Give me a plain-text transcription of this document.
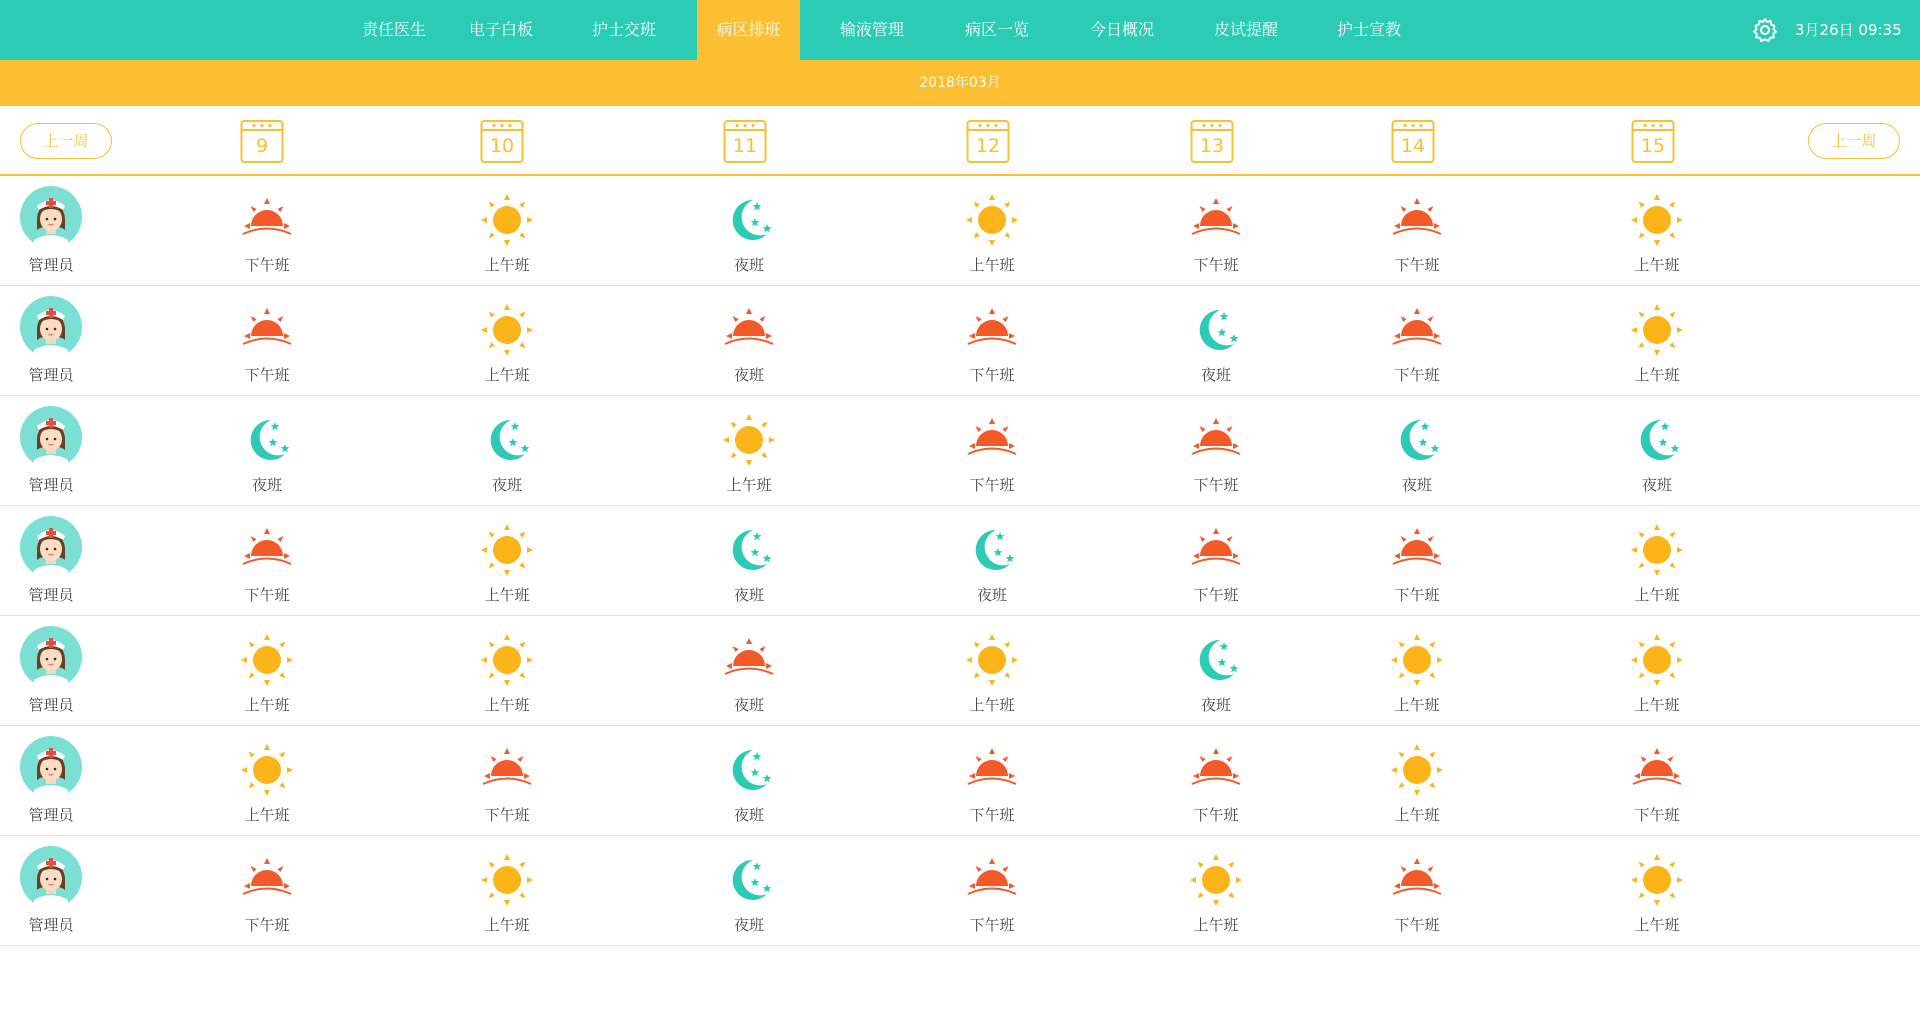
责任医生	电子白板	护士交班	病区排班	输液管理	病区一览	今日概况	皮试提醒	护士宣教	3月26日 09:35
2018年03月
上一周	9	10	11	12	13	14	15	上一周
管理员	下午班	上午班	夜班	上午班	下午班	下午班	上午班
管理员	下午班	上午班	夜班	下午班	夜班	下午班	上午班
管理员	夜班	夜班	上午班	下午班	下午班	夜班	夜班
管理员	下午班	上午班	夜班	夜班	下午班	下午班	上午班
管理员	上午班	上午班	夜班	上午班	夜班	上午班	上午班
管理员	上午班	下午班	夜班	下午班	下午班	上午班	下午班
管理员	下午班	上午班	夜班	下午班	上午班	下午班	上午班
